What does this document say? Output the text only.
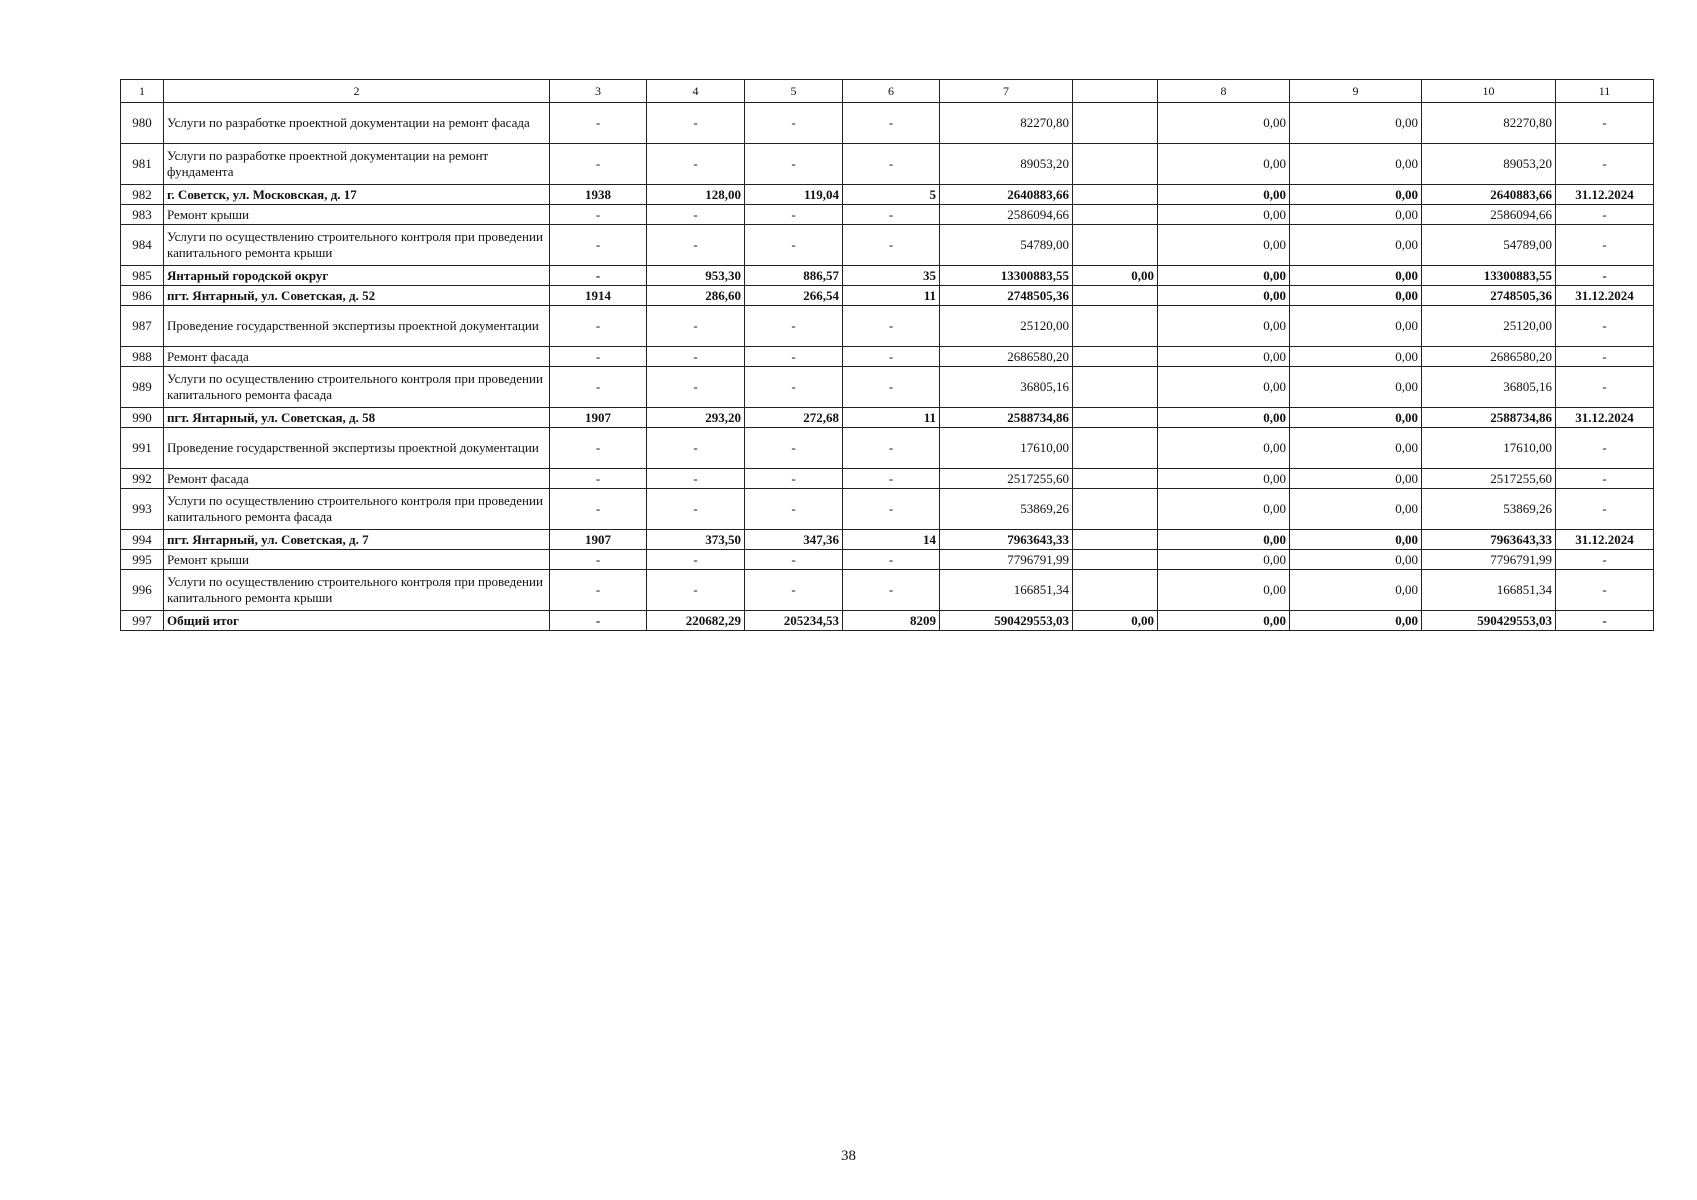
1	2	3	4	5	6	7		8	9	10	11
980	Услуги по разработке проектной документации на ремонт фасада	-	-	-	-	82270,80		0,00	0,00	82270,80	-
981	Услуги по разработке проектной документации на ремонт фундамента	-	-	-	-	89053,20		0,00	0,00	89053,20	-
982	г. Советск, ул. Московская, д. 17	1938	128,00	119,04	5	2640883,66		0,00	0,00	2640883,66	31.12.2024
983	Ремонт крыши	-	-	-	-	2586094,66		0,00	0,00	2586094,66	-
984	Услуги по осуществлению строительного контроля при проведении капитального ремонта крыши	-	-	-	-	54789,00		0,00	0,00	54789,00	-
985	Янтарный городской округ	-	953,30	886,57	35	13300883,55	0,00	0,00	0,00	13300883,55	-
986	пгт. Янтарный, ул. Советская, д. 52	1914	286,60	266,54	11	2748505,36		0,00	0,00	2748505,36	31.12.2024
987	Проведение государственной экспертизы проектной документации	-	-	-	-	25120,00		0,00	0,00	25120,00	-
988	Ремонт фасада	-	-	-	-	2686580,20		0,00	0,00	2686580,20	-
989	Услуги по осуществлению строительного контроля при проведении капитального ремонта фасада	-	-	-	-	36805,16		0,00	0,00	36805,16	-
990	пгт. Янтарный, ул. Советская, д. 58	1907	293,20	272,68	11	2588734,86		0,00	0,00	2588734,86	31.12.2024
991	Проведение государственной экспертизы проектной документации	-	-	-	-	17610,00		0,00	0,00	17610,00	-
992	Ремонт фасада	-	-	-	-	2517255,60		0,00	0,00	2517255,60	-
993	Услуги по осуществлению строительного контроля при проведении капитального ремонта фасада	-	-	-	-	53869,26		0,00	0,00	53869,26	-
994	пгт. Янтарный, ул. Советская, д. 7	1907	373,50	347,36	14	7963643,33		0,00	0,00	7963643,33	31.12.2024
995	Ремонт крыши	-	-	-	-	7796791,99		0,00	0,00	7796791,99	-
996	Услуги по осуществлению строительного контроля при проведении капитального ремонта крыши	-	-	-	-	166851,34		0,00	0,00	166851,34	-
997	Общий итог	-	220682,29	205234,53	8209	590429553,03	0,00	0,00	0,00	590429553,03	-
38
